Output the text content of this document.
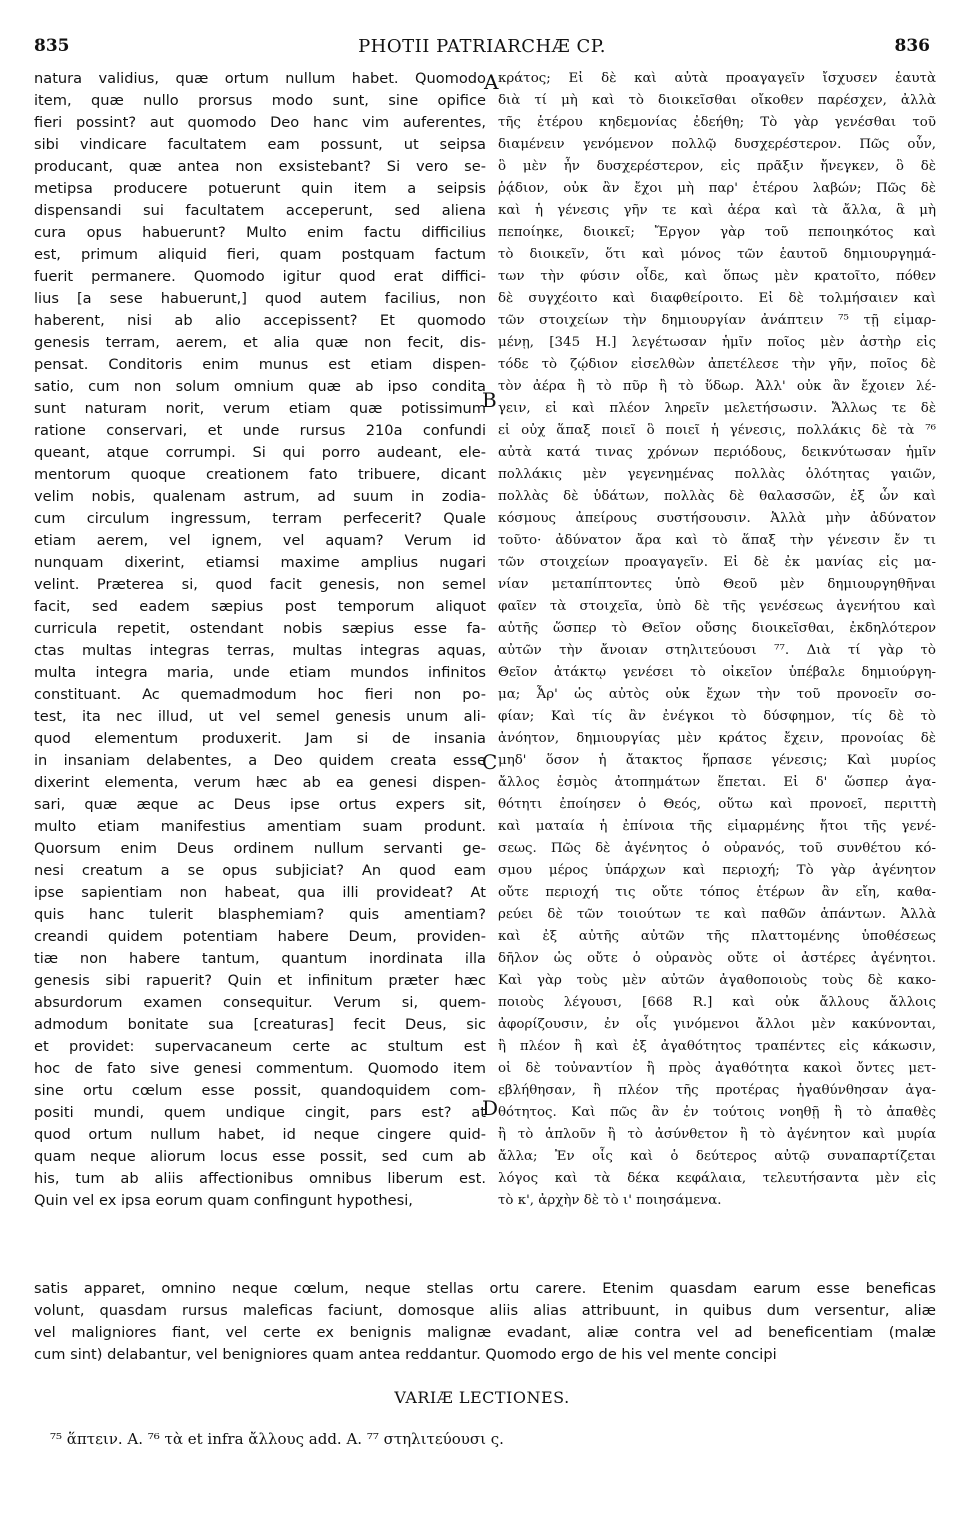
835	PHOTII PATRIARCHÆ CP.	836
natura validius, quæ ortum nullum habet. Quomodo
item, quæ nullo prorsus modo sunt, sine opifice
fieri possint? aut quomodo Deo hanc vim auferentes,
sibi vindicare facultatem eam possunt, ut seipsa
producant, quæ antea non exsistebant? Si vero se-
metipsa producere potuerunt quin item a seipsis
dispensandi sui facultatem acceperunt, sed aliena
cura opus habuerunt? Multo enim factu difficilius
est, primum aliquid fieri, quam postquam factum
fuerit permanere. Quomodo igitur quod erat diffici-
lius [a sese habuerunt,] quod autem facilius, non
haberent, nisi ab alio accepissent? Et quomodo
genesis terram, aerem, et alia quæ non fecit, dis-
pensat. Conditoris enim munus est etiam dispen-
satio, cum non solum omnium quæ ab ipso condita
sunt naturam norit, verum etiam quæ potissimum
ratione conservari, et unde rursus 210a confundi
queant, atque corrumpi. Si qui porro audeant, ele-
mentorum quoque creationem fato tribuere, dicant
velim nobis, qualenam astrum, ad suum in zodia-
cum circulum ingressum, terram perfecerit? Quale
etiam aerem, vel ignem, vel aquam? Verum id
nunquam dixerint, etiamsi maxime amplius nugari
velint. Præterea si, quod facit genesis, non semel
facit, sed eadem sæpius post temporum aliquot
curricula repetit, ostendant nobis sæpius esse fa-
ctas multas integras terras, multas integras aquas,
multa integra maria, unde etiam mundos infinitos
constituant. Ac quemadmodum hoc fieri non po-
test, ita nec illud, ut vel semel genesis unum ali-
quod elementum produxerit. Jam si de insania
in insaniam delabentes, a Deo quidem creata esse
dixerint elementa, verum hæc ab ea genesi dispen-
sari, quæ æque ac Deus ipse ortus expers sit,
multo etiam manifestius amentiam suam produnt.
Quorsum enim Deus ordinem nullum servanti ge-
nesi creatum a se opus subjiciat? An quod eam
ipse sapientiam non habeat, qua illi provideat? At
quis hanc tulerit blasphemiam? quis amentiam?
creandi quidem potentiam habere Deum, providen-
tiæ non habere tantum, quantum inordinata illa
genesis sibi rapuerit? Quin et infinitum præter hæc
absurdorum examen consequitur. Verum si, quem-
admodum bonitate sua [creaturas] fecit Deus, sic
et providet: supervacaneum certe ac stultum est
hoc de fato sive genesi commentum. Quomodo item
sine ortu cœlum esse possit, quandoquidem com-
positi mundi, quem undique cingit, pars est? at
quod ortum nullum habet, id neque cingere quid-
quam neque aliorum locus esse possit, sed cum ab
his, tum ab aliis affectionibus omnibus liberum est.
Quin vel ex ipsa eorum quam confingunt hypothesi,
κράτος; Εἰ δὲ καὶ αὐτὰ προαγαγεῖν ἴσχυσεν ἑαυτὰ
διὰ τί μὴ καὶ τὸ διοικεῖσθαι οἴκοθεν παρέσχεν, ἀλλὰ
τῆς ἑτέρου κηδεμονίας ἐδεήθη; Τὸ γὰρ γενέσθαι τοῦ
διαμένειν γενόμενον πολλῷ δυσχερέστερον. Πῶς οὖν,
ὃ μὲν ἦν δυσχερέστερον, εἰς πρᾶξιν ἤνεγκεν, ὃ δὲ
ῥᾴδιον, οὐκ ἂν ἔχοι μὴ παρ' ἑτέρου λαβών; Πῶς δὲ
καὶ ἡ γένεσις γῆν τε καὶ ἀέρα καὶ τὰ ἄλλα, ἃ μὴ
πεποίηκε, διοικεῖ; Ἔργον γὰρ τοῦ πεποιηκότος καὶ
τὸ διοικεῖν, ὅτι καὶ μόνος τῶν ἑαυτοῦ δημιουργημά-
των τὴν φύσιν οἶδε, καὶ ὅπως μὲν κρατοῖτο, πόθεν
δὲ συγχέοιτο καὶ διαφθείροιτο. Εἰ δὲ τολμήσαιεν καὶ
τῶν στοιχείων τὴν δημιουργίαν ἀνάπτειν ⁷⁵ τῇ εἱμαρ-
μένῃ, [345 H.] λεγέτωσαν ἡμῖν ποῖος μὲν ἀστὴρ εἰς
τόδε τὸ ζῴδιον εἰσελθὼν ἀπετέλεσε τὴν γῆν, ποῖος δὲ
τὸν ἀέρα ἢ τὸ πῦρ ἢ τὸ ὕδωρ. Ἀλλ' οὐκ ἂν ἔχοιεν λέ-
γειν, εἰ καὶ πλέον ληρεῖν μελετήσωσιν. Ἄλλως τε δὲ
εἰ οὐχ ἅπαξ ποιεῖ ὃ ποιεῖ ἡ γένεσις, πολλάκις δὲ τὰ ⁷⁶
αὐτὰ κατά τινας χρόνων περιόδους, δεικνύτωσαν ἡμῖν
πολλάκις μὲν γεγενημένας πολλὰς ὁλότητας γαιῶν,
πολλὰς δὲ ὑδάτων, πολλὰς δὲ θαλασσῶν, ἐξ ὧν καὶ
κόσμους ἀπείρους συστήσουσιν. Ἀλλὰ μὴν ἀδύνατον
τοῦτο· ἀδύνατον ἄρα καὶ τὸ ἅπαξ τὴν γένεσιν ἔν τι
τῶν στοιχείων προαγαγεῖν. Εἰ δὲ ἐκ μανίας εἰς μα-
νίαν μεταπίπτοντες ὑπὸ Θεοῦ μὲν δημιουργηθῆναι
φαῖεν τὰ στοιχεῖα, ὑπὸ δὲ τῆς γενέσεως ἀγενήτου καὶ
αὐτῆς ὥσπερ τὸ Θεῖον οὔσης διοικεῖσθαι, ἐκδηλότερον
αὐτῶν τὴν ἄνοιαν στηλιτεύουσι ⁷⁷. Διὰ τί γὰρ τὸ
Θεῖον ἀτάκτῳ γενέσει τὸ οἰκεῖον ὑπέβαλε δημιούργη-
μα; Ἆρ' ὡς αὐτὸς οὐκ ἔχων τὴν τοῦ προνοεῖν σο-
φίαν; Καὶ τίς ἂν ἐνέγκοι τὸ δύσφημον, τίς δὲ τὸ
ἀνόητον, δημιουργίας μὲν κράτος ἔχειν, προνοίας δὲ
μηδ' ὅσον ἡ ἄτακτος ἥρπασε γένεσις; Καὶ μυρίος
ἄλλος ἑσμὸς ἀτοπημάτων ἕπεται. Εἰ δ' ὥσπερ ἀγα-
θότητι ἐποίησεν ὁ Θεός, οὕτω καὶ προνοεῖ, περιττὴ
καὶ ματαία ἡ ἐπίνοια τῆς εἱμαρμένης ἤτοι τῆς γενέ-
σεως. Πῶς δὲ ἀγένητος ὁ οὐρανός, τοῦ συνθέτου κό-
σμου μέρος ὑπάρχων καὶ περιοχή; Τὸ γὰρ ἀγένητον
οὔτε περιοχή τις οὔτε τόπος ἑτέρων ἂν εἴη, καθα-
ρεύει δὲ τῶν τοιούτων τε καὶ παθῶν ἁπάντων. Ἀλλὰ
καὶ ἐξ αὐτῆς αὐτῶν τῆς πλαττομένης ὑποθέσεως
δῆλον ὡς οὔτε ὁ οὐρανὸς οὔτε οἱ ἀστέρες ἀγένητοι.
Καὶ γὰρ τοὺς μὲν αὐτῶν ἀγαθοποιοὺς τοὺς δὲ κακο-
ποιοὺς λέγουσι, [668 R.] καὶ οὐκ ἄλλους ἄλλοις
ἀφορίζουσιν, ἐν οἷς γινόμενοι ἄλλοι μὲν κακύνονται,
ἢ πλέον ἢ καὶ ἐξ ἀγαθότητος τραπέντες εἰς κάκωσιν,
οἱ δὲ τοὐναντίον ἢ πρὸς ἀγαθότητα κακοὶ ὄντες μετ-
εβλήθησαν, ἢ πλέον τῆς προτέρας ἠγαθύνθησαν ἀγα-
θότητος. Καὶ πῶς ἂν ἐν τούτοις νοηθῇ ἢ τὸ ἀπαθὲς
ἢ τὸ ἁπλοῦν ἢ τὸ ἀσύνθετον ἢ τὸ ἀγένητον καὶ μυρία
ἄλλα; Ἐν οἷς καὶ ὁ δεύτερος αὐτῷ συναπαρτίζεται
λόγος καὶ τὰ δέκα κεφάλαια, τελευτήσαντα μὲν εἰς
τὸ κ', ἀρχὴν δὲ τὸ ι' ποιησάμενα.
A
B
C
D
satis apparet, omnino neque cœlum, neque stellas ortu carere. Etenim quasdam earum esse beneficas
volunt, quasdam rursus maleficas faciunt, domosque aliis alias attribuunt, in quibus dum versentur, aliæ
vel maligniores fiant, vel certe ex benignis malignæ evadant, aliæ contra vel ad beneficentiam (malæ
cum sint) delabantur, vel benigniores quam antea reddantur. Quomodo ergo de his vel mente concipi
VARIÆ LECTIONES.
⁷⁵ ἅπτειν. A. ⁷⁶ τὰ et infra ἄλλους add. A. ⁷⁷ στηλιτεύουσι ς.
